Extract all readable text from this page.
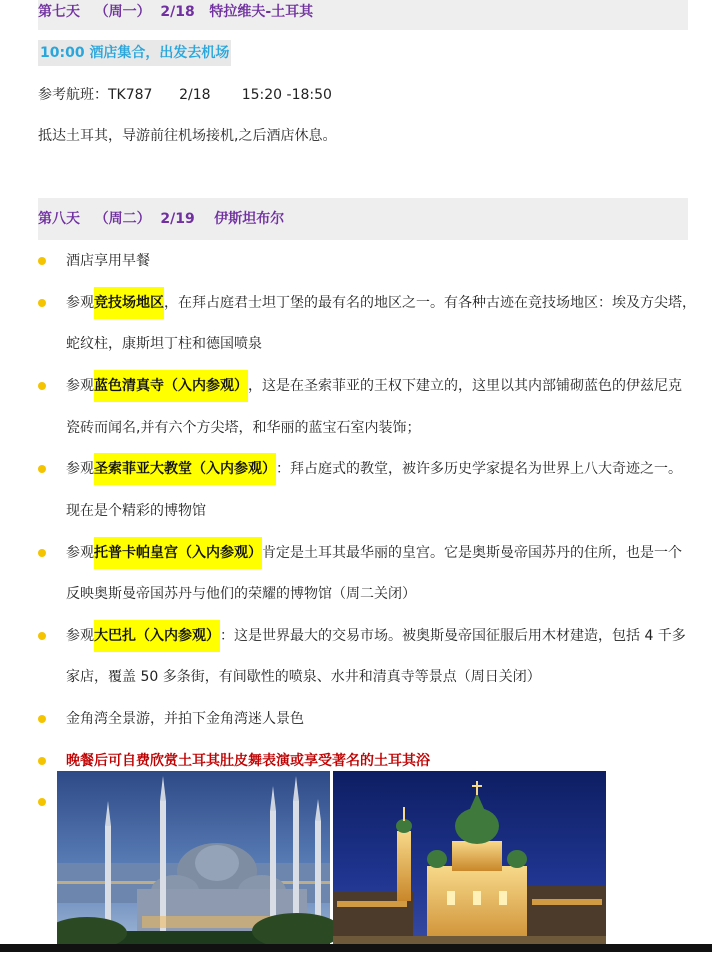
第七天   （周一）  2/18   特拉维夫-土耳其

10:00 酒店集合，出发去机场
参考航班：TK787      2/18       15:20 -18:50
抵达土耳其，导游前往机场接机,之后酒店休息。

第八天   （周二）  2/19    伊斯坦布尔

酒店享用早餐
参观竞技场地区，在拜占庭君士坦丁堡的最有名的地区之一。有各种古迹在竞技场地区：埃及方尖塔，
蛇纹柱，康斯坦丁柱和德国喷泉
参观蓝色清真寺（入内参观），这是在圣索菲亚的王权下建立的，这里以其内部铺砌蓝色的伊兹尼克
瓷砖而闻名,并有六个方尖塔，和华丽的蓝宝石室内装饰；
参观圣索菲亚大教堂（入内参观）：拜占庭式的教堂，被许多历史学家提名为世界上八大奇迹之一。
现在是个精彩的博物馆
参观托普卡帕皇宫（入内参观）肯定是土耳其最华丽的皇宫。它是奥斯曼帝国苏丹的住所，也是一个
反映奥斯曼帝国苏丹与他们的荣耀的博物馆（周二关闭）
参观大巴扎（入内参观）：这是世界最大的交易市场。被奥斯曼帝国征服后用木材建造，包括 4 千多
家店，覆盖 50 多条街，有间歇性的喷泉、水井和清真寺等景点（周日关闭）
金角湾全景游，并拍下金角湾迷人景色
晚餐后可自费欣赏土耳其肚皮舞表演或享受著名的土耳其浴
